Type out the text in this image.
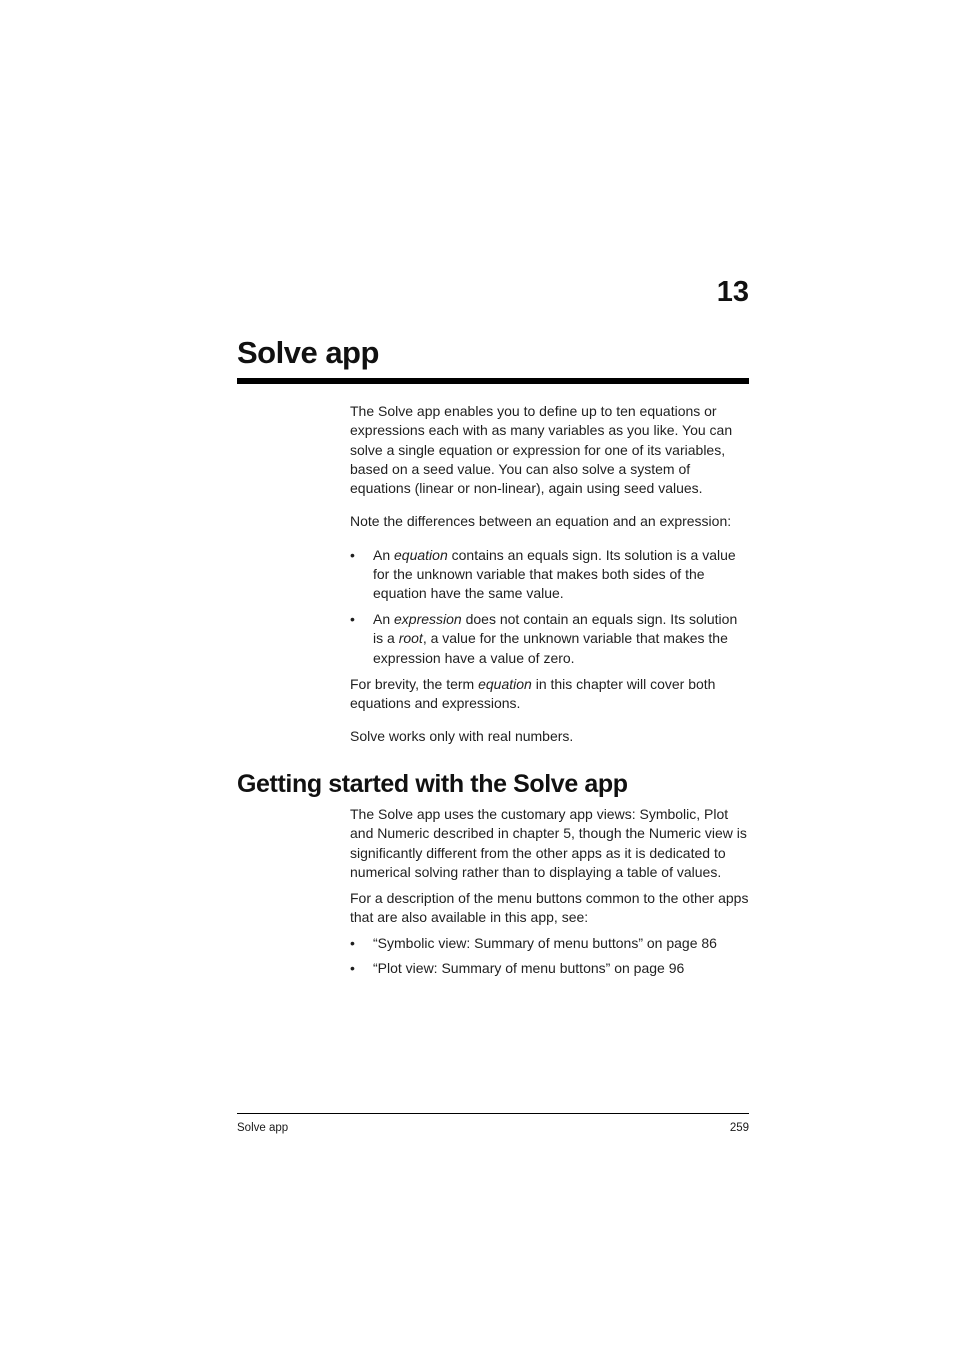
13
Solve app

The Solve app enables you to define up to ten equations or expressions each with as many variables as you like. You can solve a single equation or expression for one of its variables, based on a seed value. You can also solve a system of equations (linear or non-linear), again using seed values.

Note the differences between an equation and an expression:

• An equation contains an equals sign. Its solution is a value for the unknown variable that makes both sides of the equation have the same value.
• An expression does not contain an equals sign. Its solution is a root, a value for the unknown variable that makes the expression have a value of zero.

For brevity, the term equation in this chapter will cover both equations and expressions.

Solve works only with real numbers.

Getting started with the Solve app

The Solve app uses the customary app views: Symbolic, Plot and Numeric described in chapter 5, though the Numeric view is significantly different from the other apps as it is dedicated to numerical solving rather than to displaying a table of values.

For a description of the menu buttons common to the other apps that are also available in this app, see:

• “Symbolic view: Summary of menu buttons” on page 86
• “Plot view: Summary of menu buttons” on page 96
Solve app	259
